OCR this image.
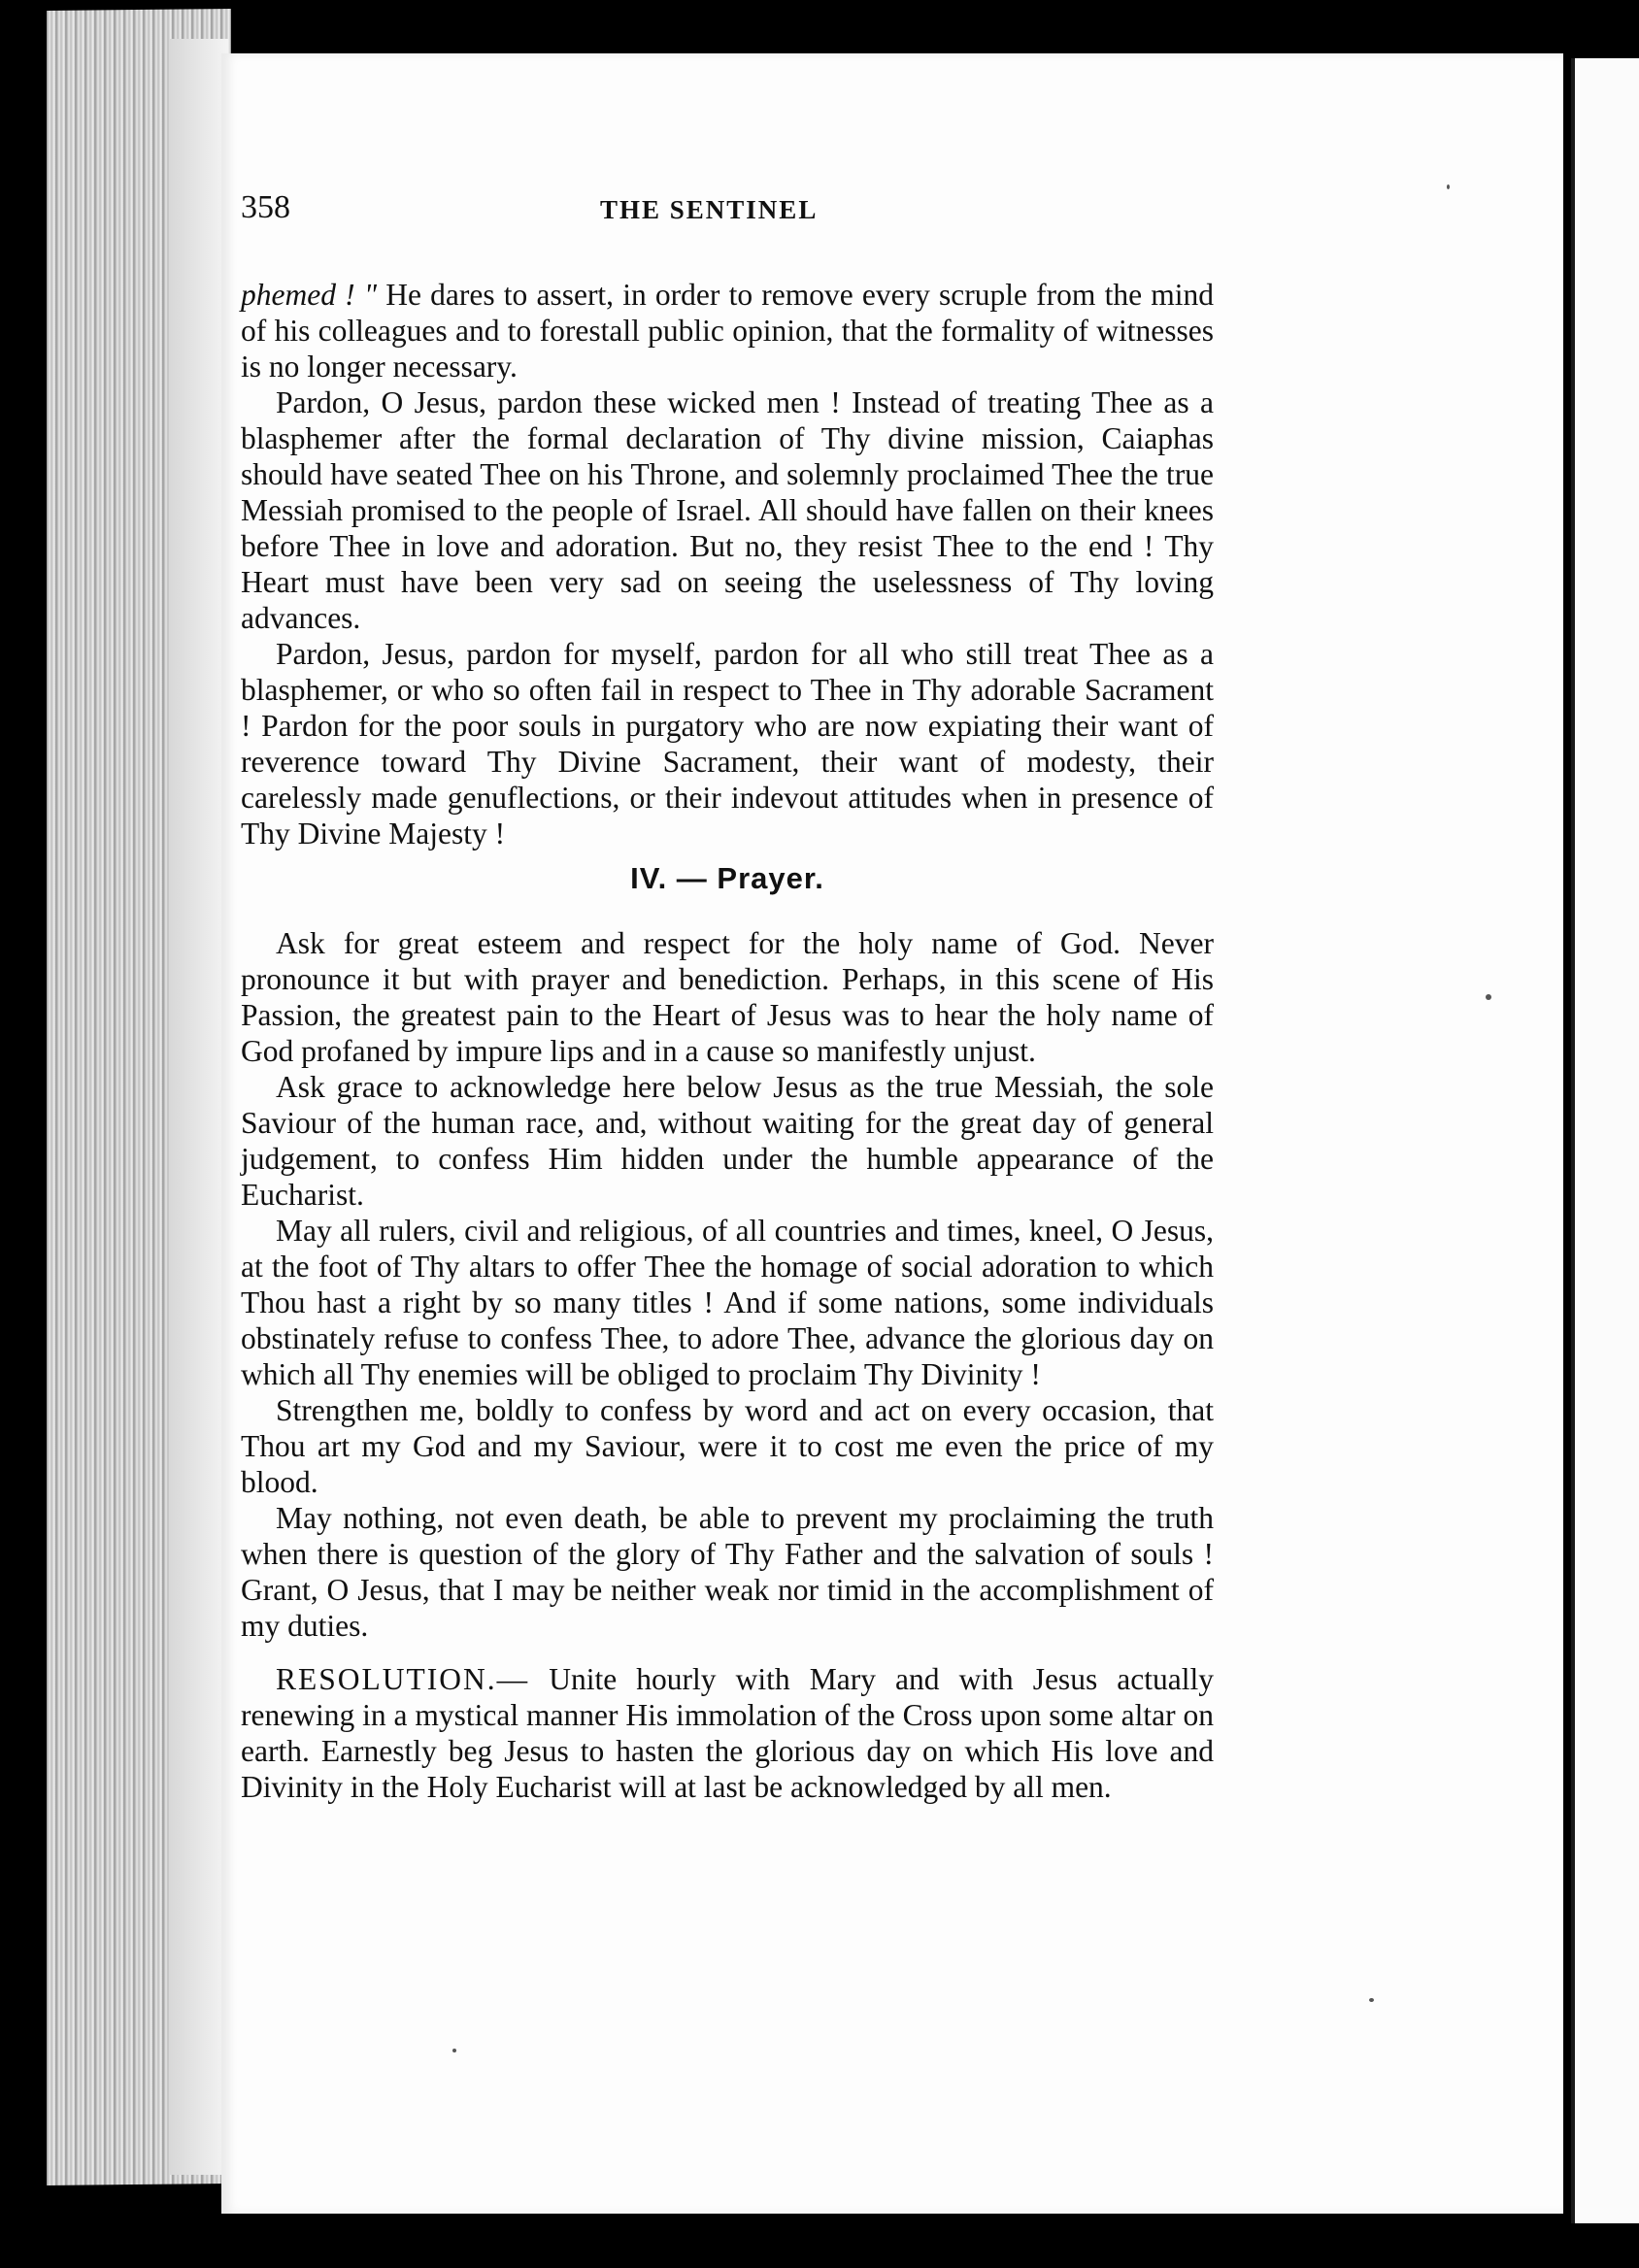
358	THE SENTINEL

phemed ! " He dares to assert, in order to remove every scruple from the mind of his colleagues and to forestall public opinion, that the formality of witnesses is no longer necessary.

Pardon, O Jesus, pardon these wicked men ! Instead of treating Thee as a blasphemer after the formal declaration of Thy divine mission, Caiaphas should have seated Thee on his Throne, and solemnly proclaimed Thee the true Messiah promised to the people of Israel. All should have fallen on their knees before Thee in love and adoration. But no, they resist Thee to the end ! Thy Heart must have been very sad on seeing the uselessness of Thy loving advances.

Pardon, Jesus, pardon for myself, pardon for all who still treat Thee as a blasphemer, or who so often fail in respect to Thee in Thy adorable Sacrament ! Pardon for the poor souls in purgatory who are now expiating their want of reverence toward Thy Divine Sacrament, their want of modesty, their carelessly made genuflections, or their indevout attitudes when in presence of Thy Divine Majesty !

IV. — Prayer.

Ask for great esteem and respect for the holy name of God. Never pronounce it but with prayer and benediction. Perhaps, in this scene of His Passion, the greatest pain to the Heart of Jesus was to hear the holy name of God profaned by impure lips and in a cause so manifestly unjust.

Ask grace to acknowledge here below Jesus as the true Messiah, the sole Saviour of the human race, and, without waiting for the great day of general judgement, to confess Him hidden under the humble appearance of the Eucharist.

May all rulers, civil and religious, of all countries and times, kneel, O Jesus, at the foot of Thy altars to offer Thee the homage of social adoration to which Thou hast a right by so many titles ! And if some nations, some individuals obstinately refuse to confess Thee, to adore Thee, advance the glorious day on which all Thy enemies will be obliged to proclaim Thy Divinity !

Strengthen me, boldly to confess by word and act on every occasion, that Thou art my God and my Saviour, were it to cost me even the price of my blood.

May nothing, not even death, be able to prevent my proclaiming the truth when there is question of the glory of Thy Father and the salvation of souls ! Grant, O Jesus, that I may be neither weak nor timid in the accomplishment of my duties.

RESOLUTION.— Unite hourly with Mary and with Jesus actually renewing in a mystical manner His immolation of the Cross upon some altar on earth. Earnestly beg Jesus to hasten the glorious day on which His love and Divinity in the Holy Eucharist will at last be acknowledged by all men.
